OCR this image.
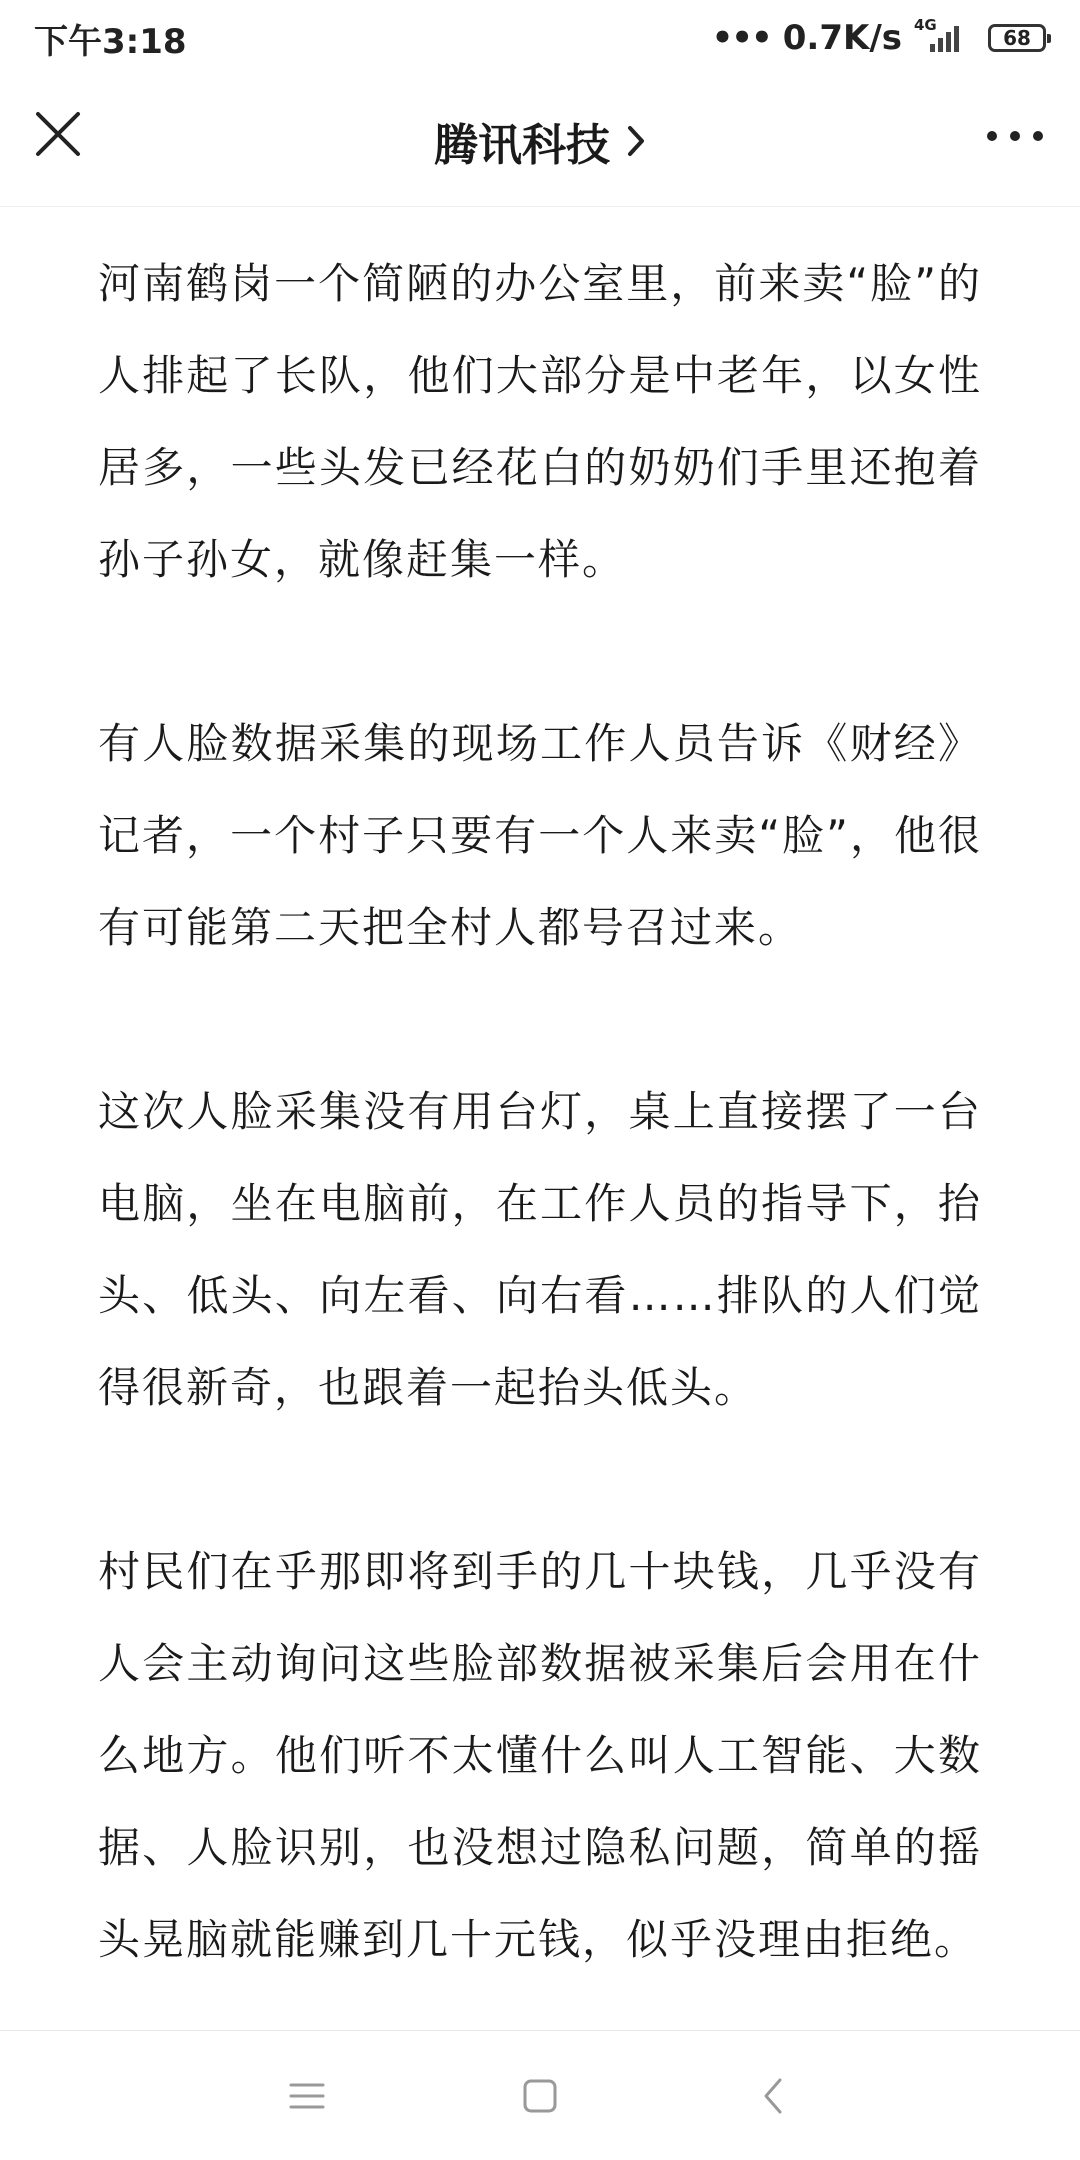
下午3:18	••• 0.7K/s 4G
68
腾讯科技

河南鹤岗一个简陋的办公室里，前来卖“脸”的人排起了长队，他们大部分是中老年，以女性居多，一些头发已经花白的奶奶们手里还抱着孙子孙女，就像赶集一样。

有人脸数据采集的现场工作人员告诉《财经》记者，一个村子只要有一个人来卖“脸”，他很有可能第二天把全村人都号召过来。

这次人脸采集没有用台灯，桌上直接摆了一台电脑，坐在电脑前，在工作人员的指导下，抬头、低头、向左看、向右看……排队的人们觉得很新奇，也跟着一起抬头低头。

村民们在乎那即将到手的几十块钱，几乎没有人会主动询问这些脸部数据被采集后会用在什么地方。他们听不太懂什么叫人工智能、大数据、人脸识别，也没想过隐私问题，简单的摇头晃脑就能赚到几十元钱，似乎没理由拒绝。
